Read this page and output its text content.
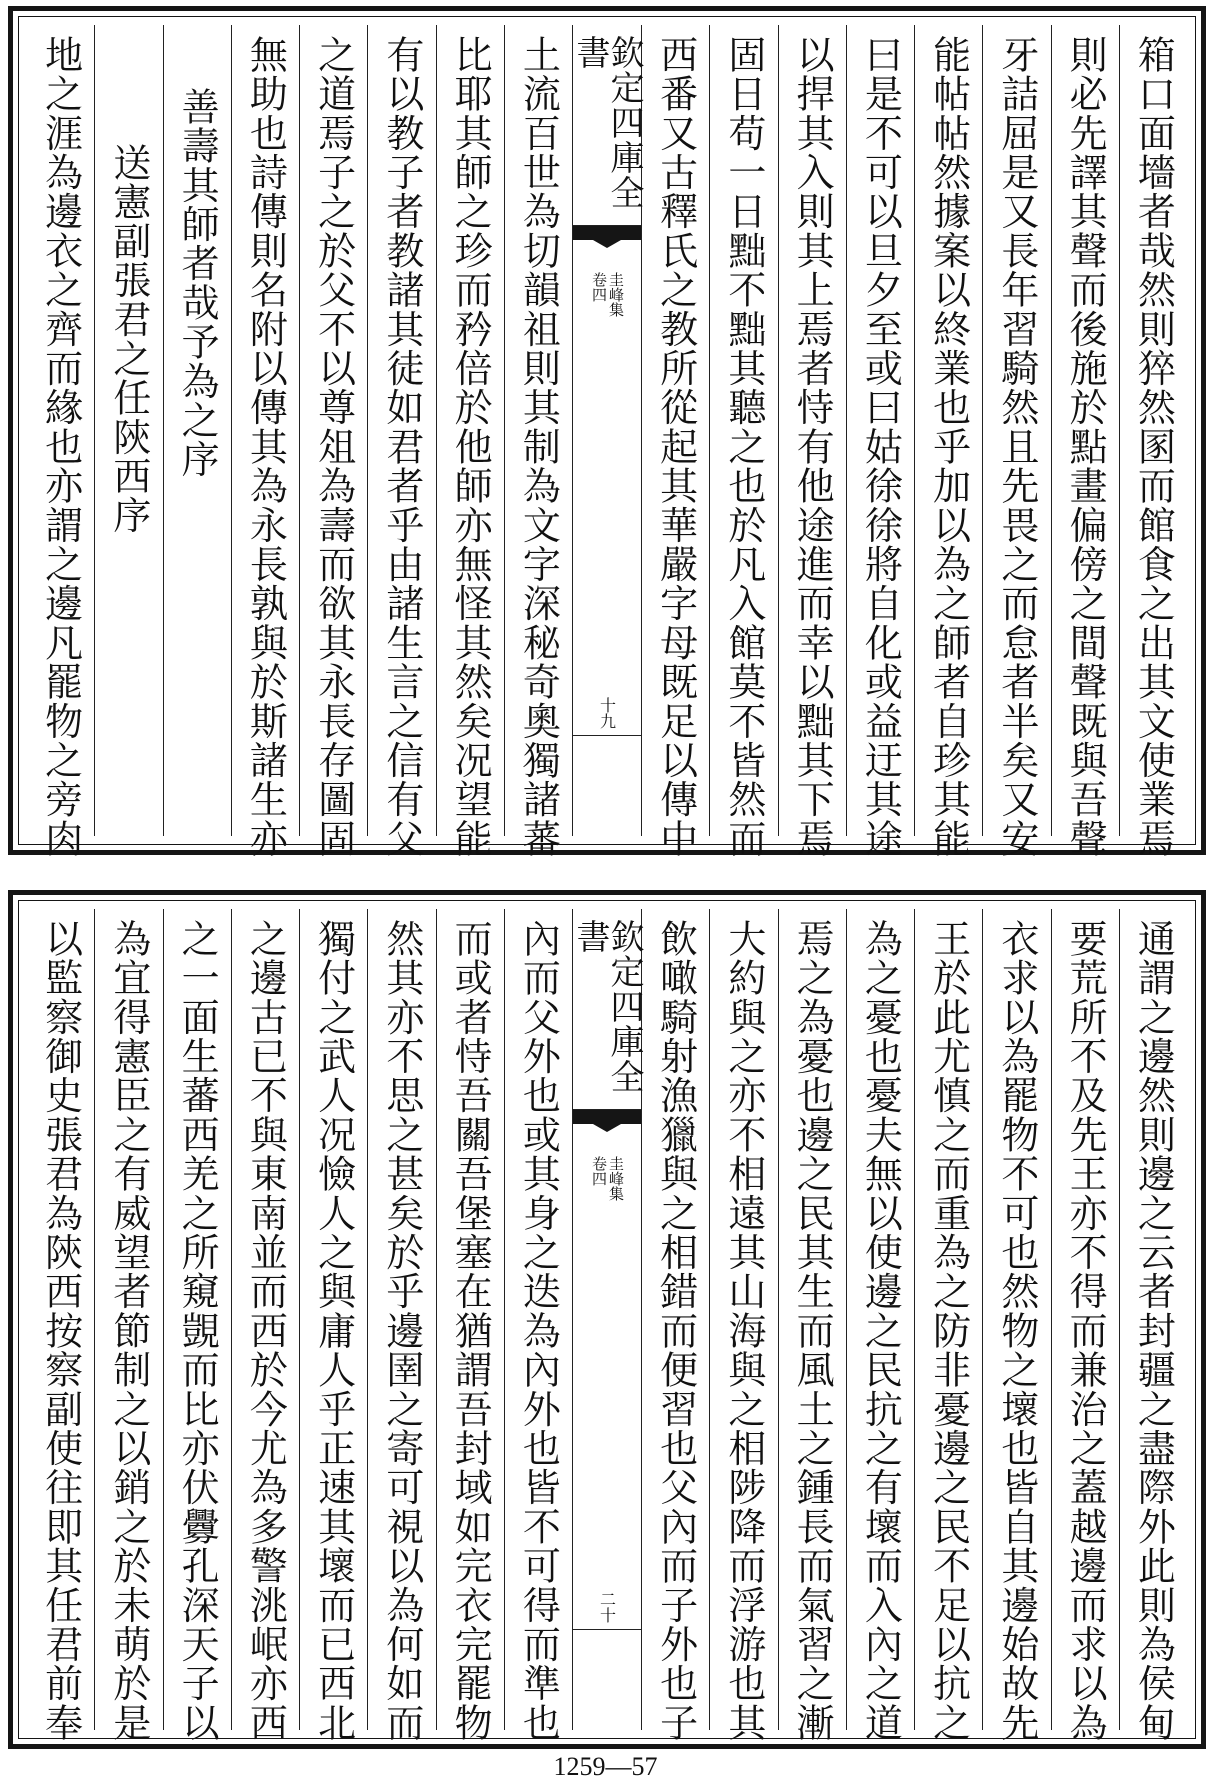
箱口面墻者哉然則猝然圂而館食之出其文使業焉
則必先譯其聲而後施於點畫偏傍之間聲既與吾聲
牙詰屈是又長年習騎然且先畏之而怠者半矣又安
能帖帖然據案以終業也乎加以為之師者自珍其能
曰是不可以旦夕至或曰姑徐徐將自化或益迂其途
以捍其入則其上焉者恃有他途進而幸以黜其下焉
固日苟一日黜不黜其聽之也於凡入館莫不皆然而
西番又古釋氏之教所從起其華嚴字母既足以傳中
欽定四庫全書
圭峰集
卷四
十九
土流百世為切韻祖則其制為文字深秘奇奧獨諸蕃
比耶其師之珍而矜倍於他師亦無怪其然矣况望能
有以教子者教諸其徒如君者乎由諸生言之信有父
之道焉子之於父不以尊俎為壽而欲其永長存圖固
無助也詩傳則名附以傳其為永長孰與於斯諸生亦
善壽其師者哉予為之序
送憲副張君之任陝西序
地之涯為邊衣之齊而緣也亦謂之邊凡罷物之旁肉
通謂之邊然則邊之云者封疆之盡際外此則為侯甸
要荒所不及先王亦不得而兼治之蓋越邊而求以為
衣求以為罷物不可也然物之壞也皆自其邊始故先
王於此尤慎之而重為之防非憂邊之民不足以抗之
為之憂也憂夫無以使邊之民抗之有壞而入內之道
焉之為憂也邊之民其生而風土之鍾長而氣習之漸
大約與之亦不相遠其山海與之相陟降而浮游也其
飲噉騎射漁獵與之相錯而便習也父內而子外也子
欽定四庫全書
圭峰集
卷四
二十
內而父外也或其身之迭為內外也皆不可得而準也
而或者恃吾關吾堡塞在猶謂吾封域如完衣完罷物
然其亦不思之甚矣於乎邊圉之寄可視以為何如而
獨付之武人况憸人之與庸人乎正速其壞而已西北
之邊古已不與東南並而西於今尤為多警洮岷亦西
之一面生蕃西羌之所窺覬而比亦伏釁孔深天子以
為宜得憲臣之有威望者節制之以銷之於未萌於是
以監察御史張君為陝西按察副使往即其任君前奉
1259—57
